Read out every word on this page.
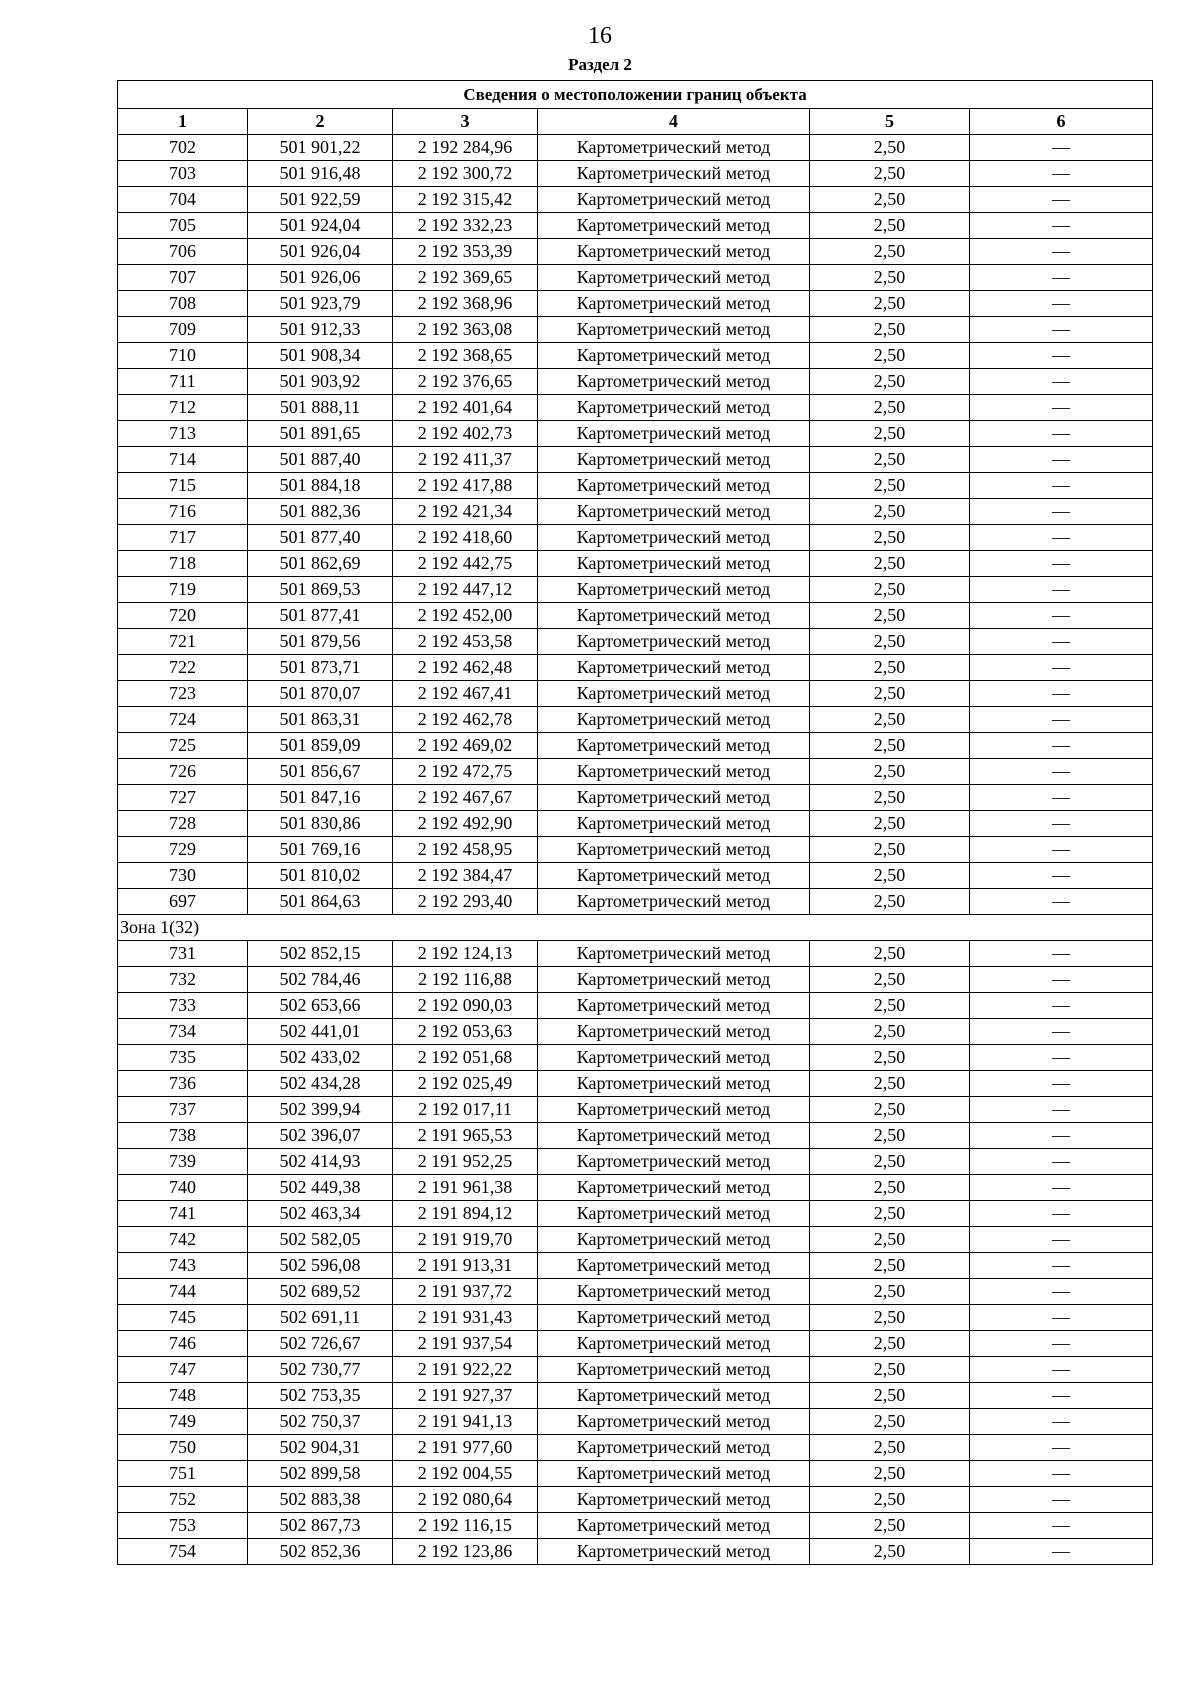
16
Раздел 2
Сведения о местоположении границ объекта					
1	2	3	4	5	6
702	501 901,22	2 192 284,96	Картометрический метод	2,50	—
703	501 916,48	2 192 300,72	Картометрический метод	2,50	—
704	501 922,59	2 192 315,42	Картометрический метод	2,50	—
705	501 924,04	2 192 332,23	Картометрический метод	2,50	—
706	501 926,04	2 192 353,39	Картометрический метод	2,50	—
707	501 926,06	2 192 369,65	Картометрический метод	2,50	—
708	501 923,79	2 192 368,96	Картометрический метод	2,50	—
709	501 912,33	2 192 363,08	Картометрический метод	2,50	—
710	501 908,34	2 192 368,65	Картометрический метод	2,50	—
711	501 903,92	2 192 376,65	Картометрический метод	2,50	—
712	501 888,11	2 192 401,64	Картометрический метод	2,50	—
713	501 891,65	2 192 402,73	Картометрический метод	2,50	—
714	501 887,40	2 192 411,37	Картометрический метод	2,50	—
715	501 884,18	2 192 417,88	Картометрический метод	2,50	—
716	501 882,36	2 192 421,34	Картометрический метод	2,50	—
717	501 877,40	2 192 418,60	Картометрический метод	2,50	—
718	501 862,69	2 192 442,75	Картометрический метод	2,50	—
719	501 869,53	2 192 447,12	Картометрический метод	2,50	—
720	501 877,41	2 192 452,00	Картометрический метод	2,50	—
721	501 879,56	2 192 453,58	Картометрический метод	2,50	—
722	501 873,71	2 192 462,48	Картометрический метод	2,50	—
723	501 870,07	2 192 467,41	Картометрический метод	2,50	—
724	501 863,31	2 192 462,78	Картометрический метод	2,50	—
725	501 859,09	2 192 469,02	Картометрический метод	2,50	—
726	501 856,67	2 192 472,75	Картометрический метод	2,50	—
727	501 847,16	2 192 467,67	Картометрический метод	2,50	—
728	501 830,86	2 192 492,90	Картометрический метод	2,50	—
729	501 769,16	2 192 458,95	Картометрический метод	2,50	—
730	501 810,02	2 192 384,47	Картометрический метод	2,50	—
697	501 864,63	2 192 293,40	Картометрический метод	2,50	—
Зона 1(32)					
731	502 852,15	2 192 124,13	Картометрический метод	2,50	—
732	502 784,46	2 192 116,88	Картометрический метод	2,50	—
733	502 653,66	2 192 090,03	Картометрический метод	2,50	—
734	502 441,01	2 192 053,63	Картометрический метод	2,50	—
735	502 433,02	2 192 051,68	Картометрический метод	2,50	—
736	502 434,28	2 192 025,49	Картометрический метод	2,50	—
737	502 399,94	2 192 017,11	Картометрический метод	2,50	—
738	502 396,07	2 191 965,53	Картометрический метод	2,50	—
739	502 414,93	2 191 952,25	Картометрический метод	2,50	—
740	502 449,38	2 191 961,38	Картометрический метод	2,50	—
741	502 463,34	2 191 894,12	Картометрический метод	2,50	—
742	502 582,05	2 191 919,70	Картометрический метод	2,50	—
743	502 596,08	2 191 913,31	Картометрический метод	2,50	—
744	502 689,52	2 191 937,72	Картометрический метод	2,50	—
745	502 691,11	2 191 931,43	Картометрический метод	2,50	—
746	502 726,67	2 191 937,54	Картометрический метод	2,50	—
747	502 730,77	2 191 922,22	Картометрический метод	2,50	—
748	502 753,35	2 191 927,37	Картометрический метод	2,50	—
749	502 750,37	2 191 941,13	Картометрический метод	2,50	—
750	502 904,31	2 191 977,60	Картометрический метод	2,50	—
751	502 899,58	2 192 004,55	Картометрический метод	2,50	—
752	502 883,38	2 192 080,64	Картометрический метод	2,50	—
753	502 867,73	2 192 116,15	Картометрический метод	2,50	—
754	502 852,36	2 192 123,86	Картометрический метод	2,50	—
